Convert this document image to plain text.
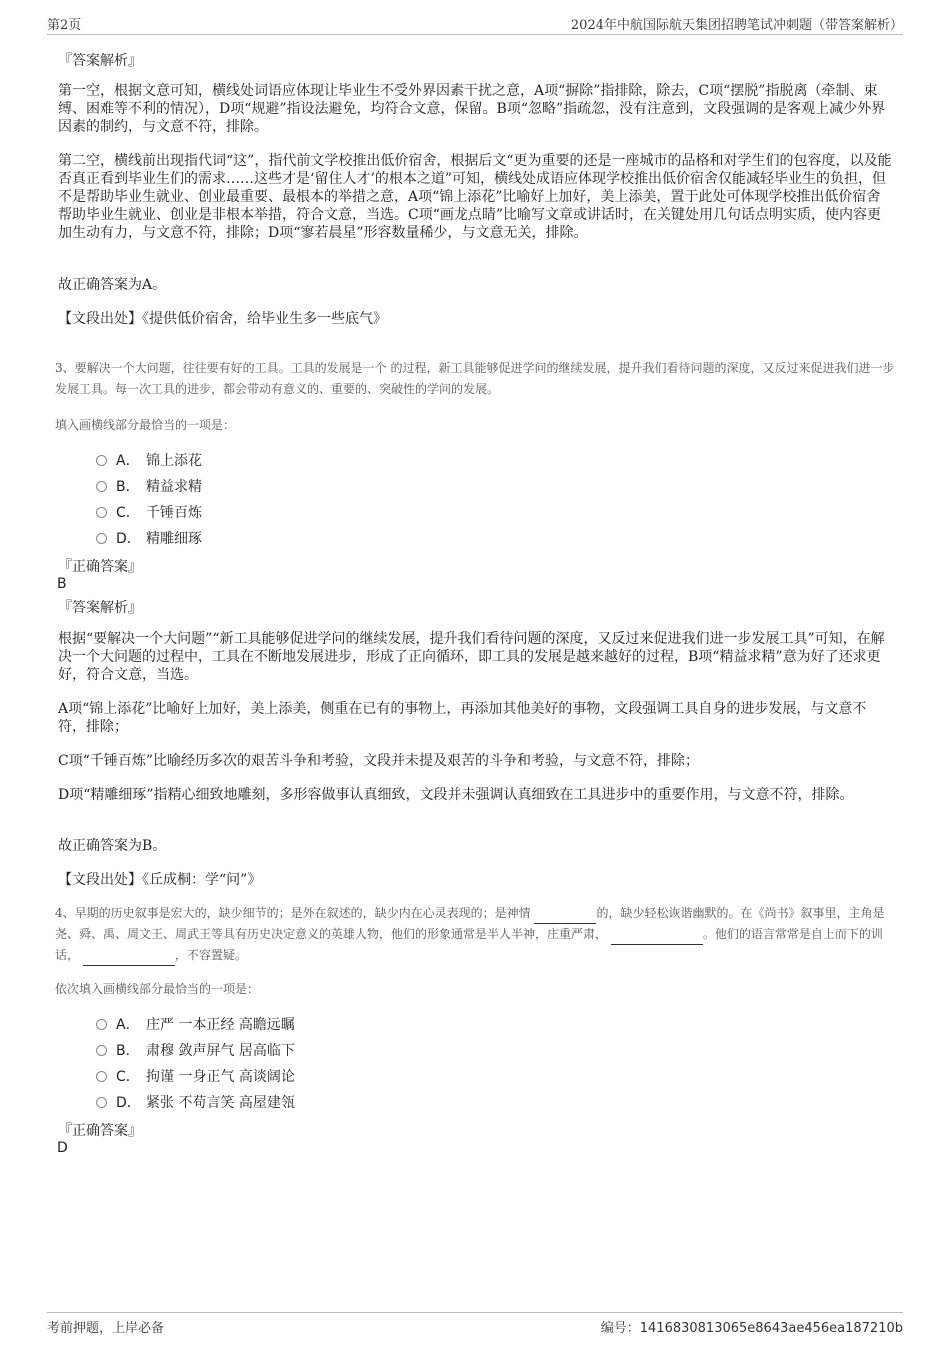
第2页	2024年中航国际航天集团招聘笔试冲刺题（带答案解析）
『答案解析』

第一空，根据文意可知，横线处词语应体现让毕业生不受外界因素干扰之意，A项“摒除”指排除，除去，C项“摆脱”指脱离（牵制、束缚、困难等不利的情况），D项“规避”指设法避免，均符合文意，保留。B项“忽略”指疏忽，没有注意到，文段强调的是客观上减少外界因素的制约，与文意不符，排除。

第二空，横线前出现指代词“这”，指代前文学校推出低价宿舍，根据后文“更为重要的还是一座城市的品格和对学生们的包容度，以及能否真正看到毕业生们的需求……这些才是‘留住人才’的根本之道”可知，横线处成语应体现学校推出低价宿舍仅能减轻毕业生的负担，但不是帮助毕业生就业、创业最重要、最根本的举措之意，A项“锦上添花”比喻好上加好，美上添美，置于此处可体现学校推出低价宿舍帮助毕业生就业、创业是非根本举措，符合文意，当选。C项“画龙点睛”比喻写文章或讲话时，在关键处用几句话点明实质，使内容更加生动有力，与文意不符，排除；D项“寥若晨星”形容数量稀少，与文意无关，排除。

故正确答案为A。

【文段出处】《提供低价宿舍，给毕业生多一些底气》

3、要解决一个大问题，往往要有好的工具。工具的发展是一个 的过程，新工具能够促进学问的继续发展，提升我们看待问题的深度，又反过来促进我们进一步发展工具。每一次工具的进步，都会带动有意义的、重要的、突破性的学问的发展。

填入画横线部分最恰当的一项是：
A． 锦上添花
B． 精益求精
C． 千锤百炼
D． 精雕细琢
『正确答案』
B
『答案解析』

根据“要解决一个大问题”“新工具能够促进学问的继续发展，提升我们看待问题的深度，又反过来促进我们进一步发展工具”可知，在解决一个大问题的过程中，工具在不断地发展进步，形成了正向循环，即工具的发展是越来越好的过程，B项“精益求精”意为好了还求更好，符合文意，当选。

A项“锦上添花”比喻好上加好，美上添美，侧重在已有的事物上，再添加其他美好的事物，文段强调工具自身的进步发展，与文意不符，排除；

C项“千锤百炼”比喻经历多次的艰苦斗争和考验，文段并未提及艰苦的斗争和考验，与文意不符，排除；

D项“精雕细琢”指精心细致地雕刻，多形容做事认真细致，文段并未强调认真细致在工具进步中的重要作用，与文意不符，排除。

故正确答案为B。

【文段出处】《丘成桐：学“问”》

4、早期的历史叙事是宏大的，缺少细节的；是外在叙述的，缺少内在心灵表现的；是神情	的，缺少轻松诙谐幽默的。在《尚书》叙事里，主角是尧、舜、禹、周文王、周武王等具有历史决定意义的英雄人物，他们的形象通常是半人半神，庄重严肃，	。他们的语言常常是自上而下的训话，	，不容置疑。

依次填入画横线部分最恰当的一项是：
A． 庄严 一本正经 高瞻远瞩
B． 肃穆 敛声屏气 居高临下
C． 拘谨 一身正气 高谈阔论
D． 紧张 不苟言笑 高屋建瓴
『正确答案』
D
考前押题，上岸必备	编号：1416830813065e8643ae456ea187210b
